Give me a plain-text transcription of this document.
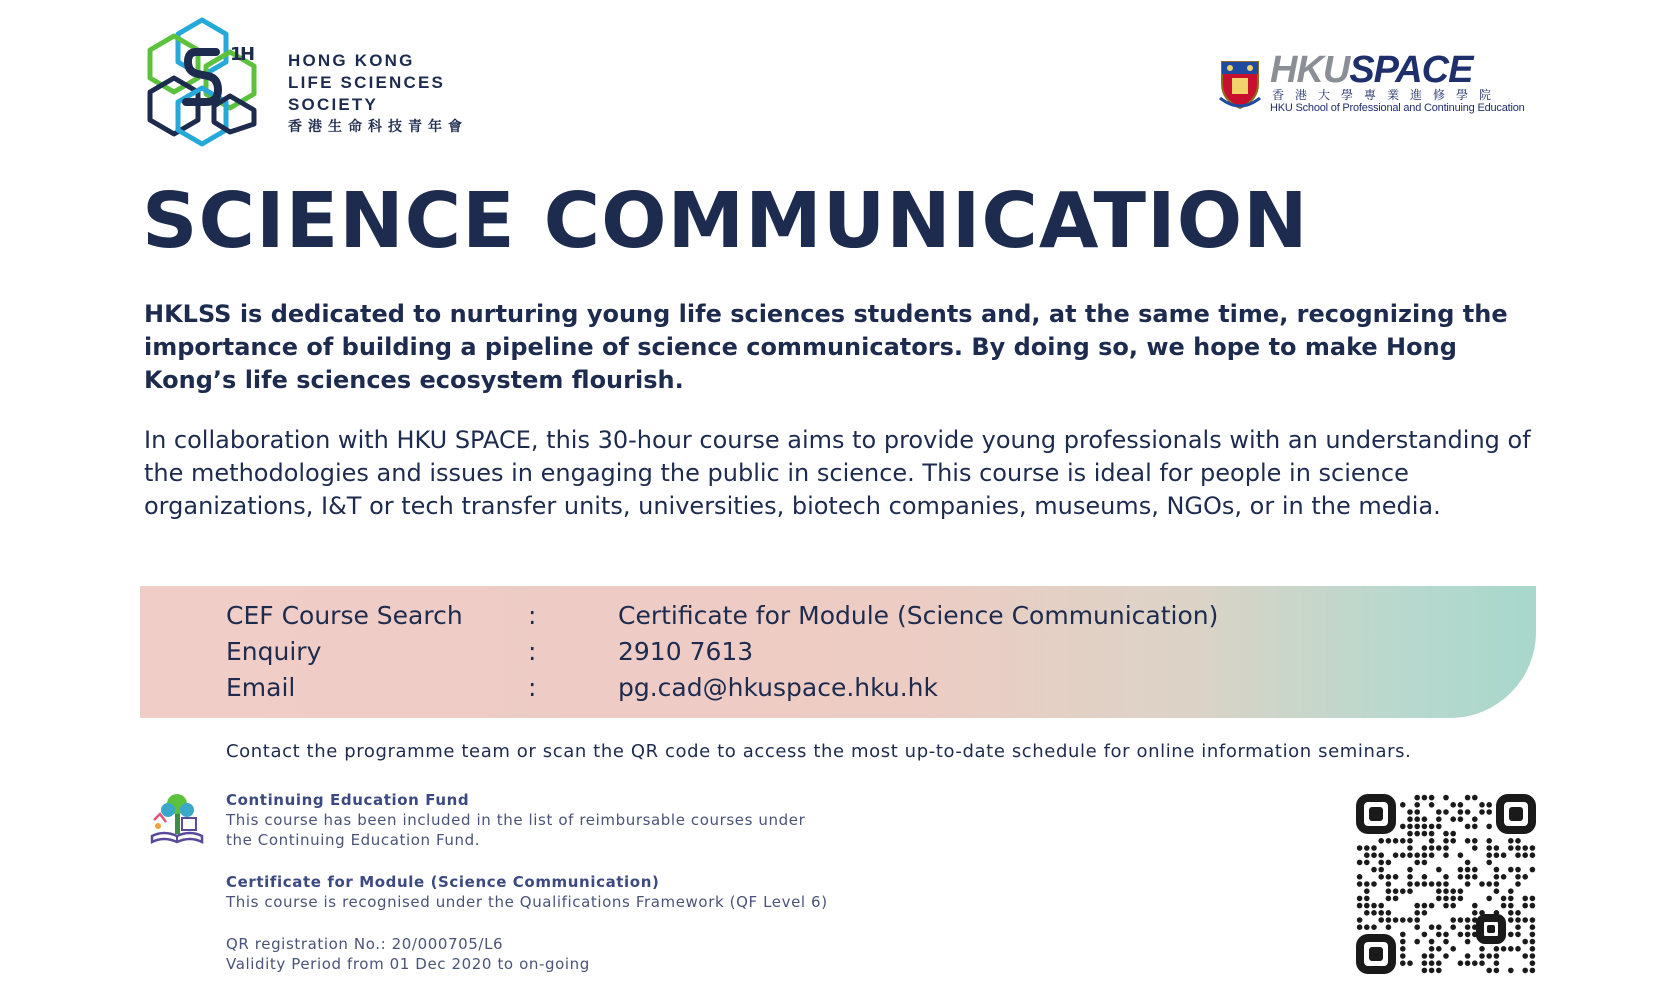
1
H HONG KONG
LIFE SCIENCES SOCIETY
香港生命科技青年會
HKUSPACE
香港大學專業進修學院
HKU School of Professional and Continuing Education
SCIENCE COMMUNICATION

HKLSS is dedicated to nurturing young life sciences students and, at the same time, recognizing the importance of building a pipeline of science communicators. By doing so, we hope to make Hong Kong’s life sciences ecosystem flourish.

In collaboration with HKU SPACE, this 30-hour course aims to provide young professionals with an understanding of the methodologies and issues in engaging the public in science. This course is ideal for people in science organizations, I&T or tech transfer units, universities, biotech companies, museums, NGOs, or in the media.

CEF Course Search	:	Certificate for Module (Science Communication)
Enquiry	:	2910 7613
Email	:	pg.cad@hkuspace.hku.hk
Contact the programme team or scan the QR code to access the most up-to-date schedule for online information seminars.
Continuing Education Fund
This course has been included in the list of reimbursable courses under
the Continuing Education Fund.
Certificate for Module (Science Communication)
This course is recognised under the Qualifications Framework (QF Level 6)
QR registration No.: 20/000705/L6
Validity Period from 01 Dec 2020 to on-going
